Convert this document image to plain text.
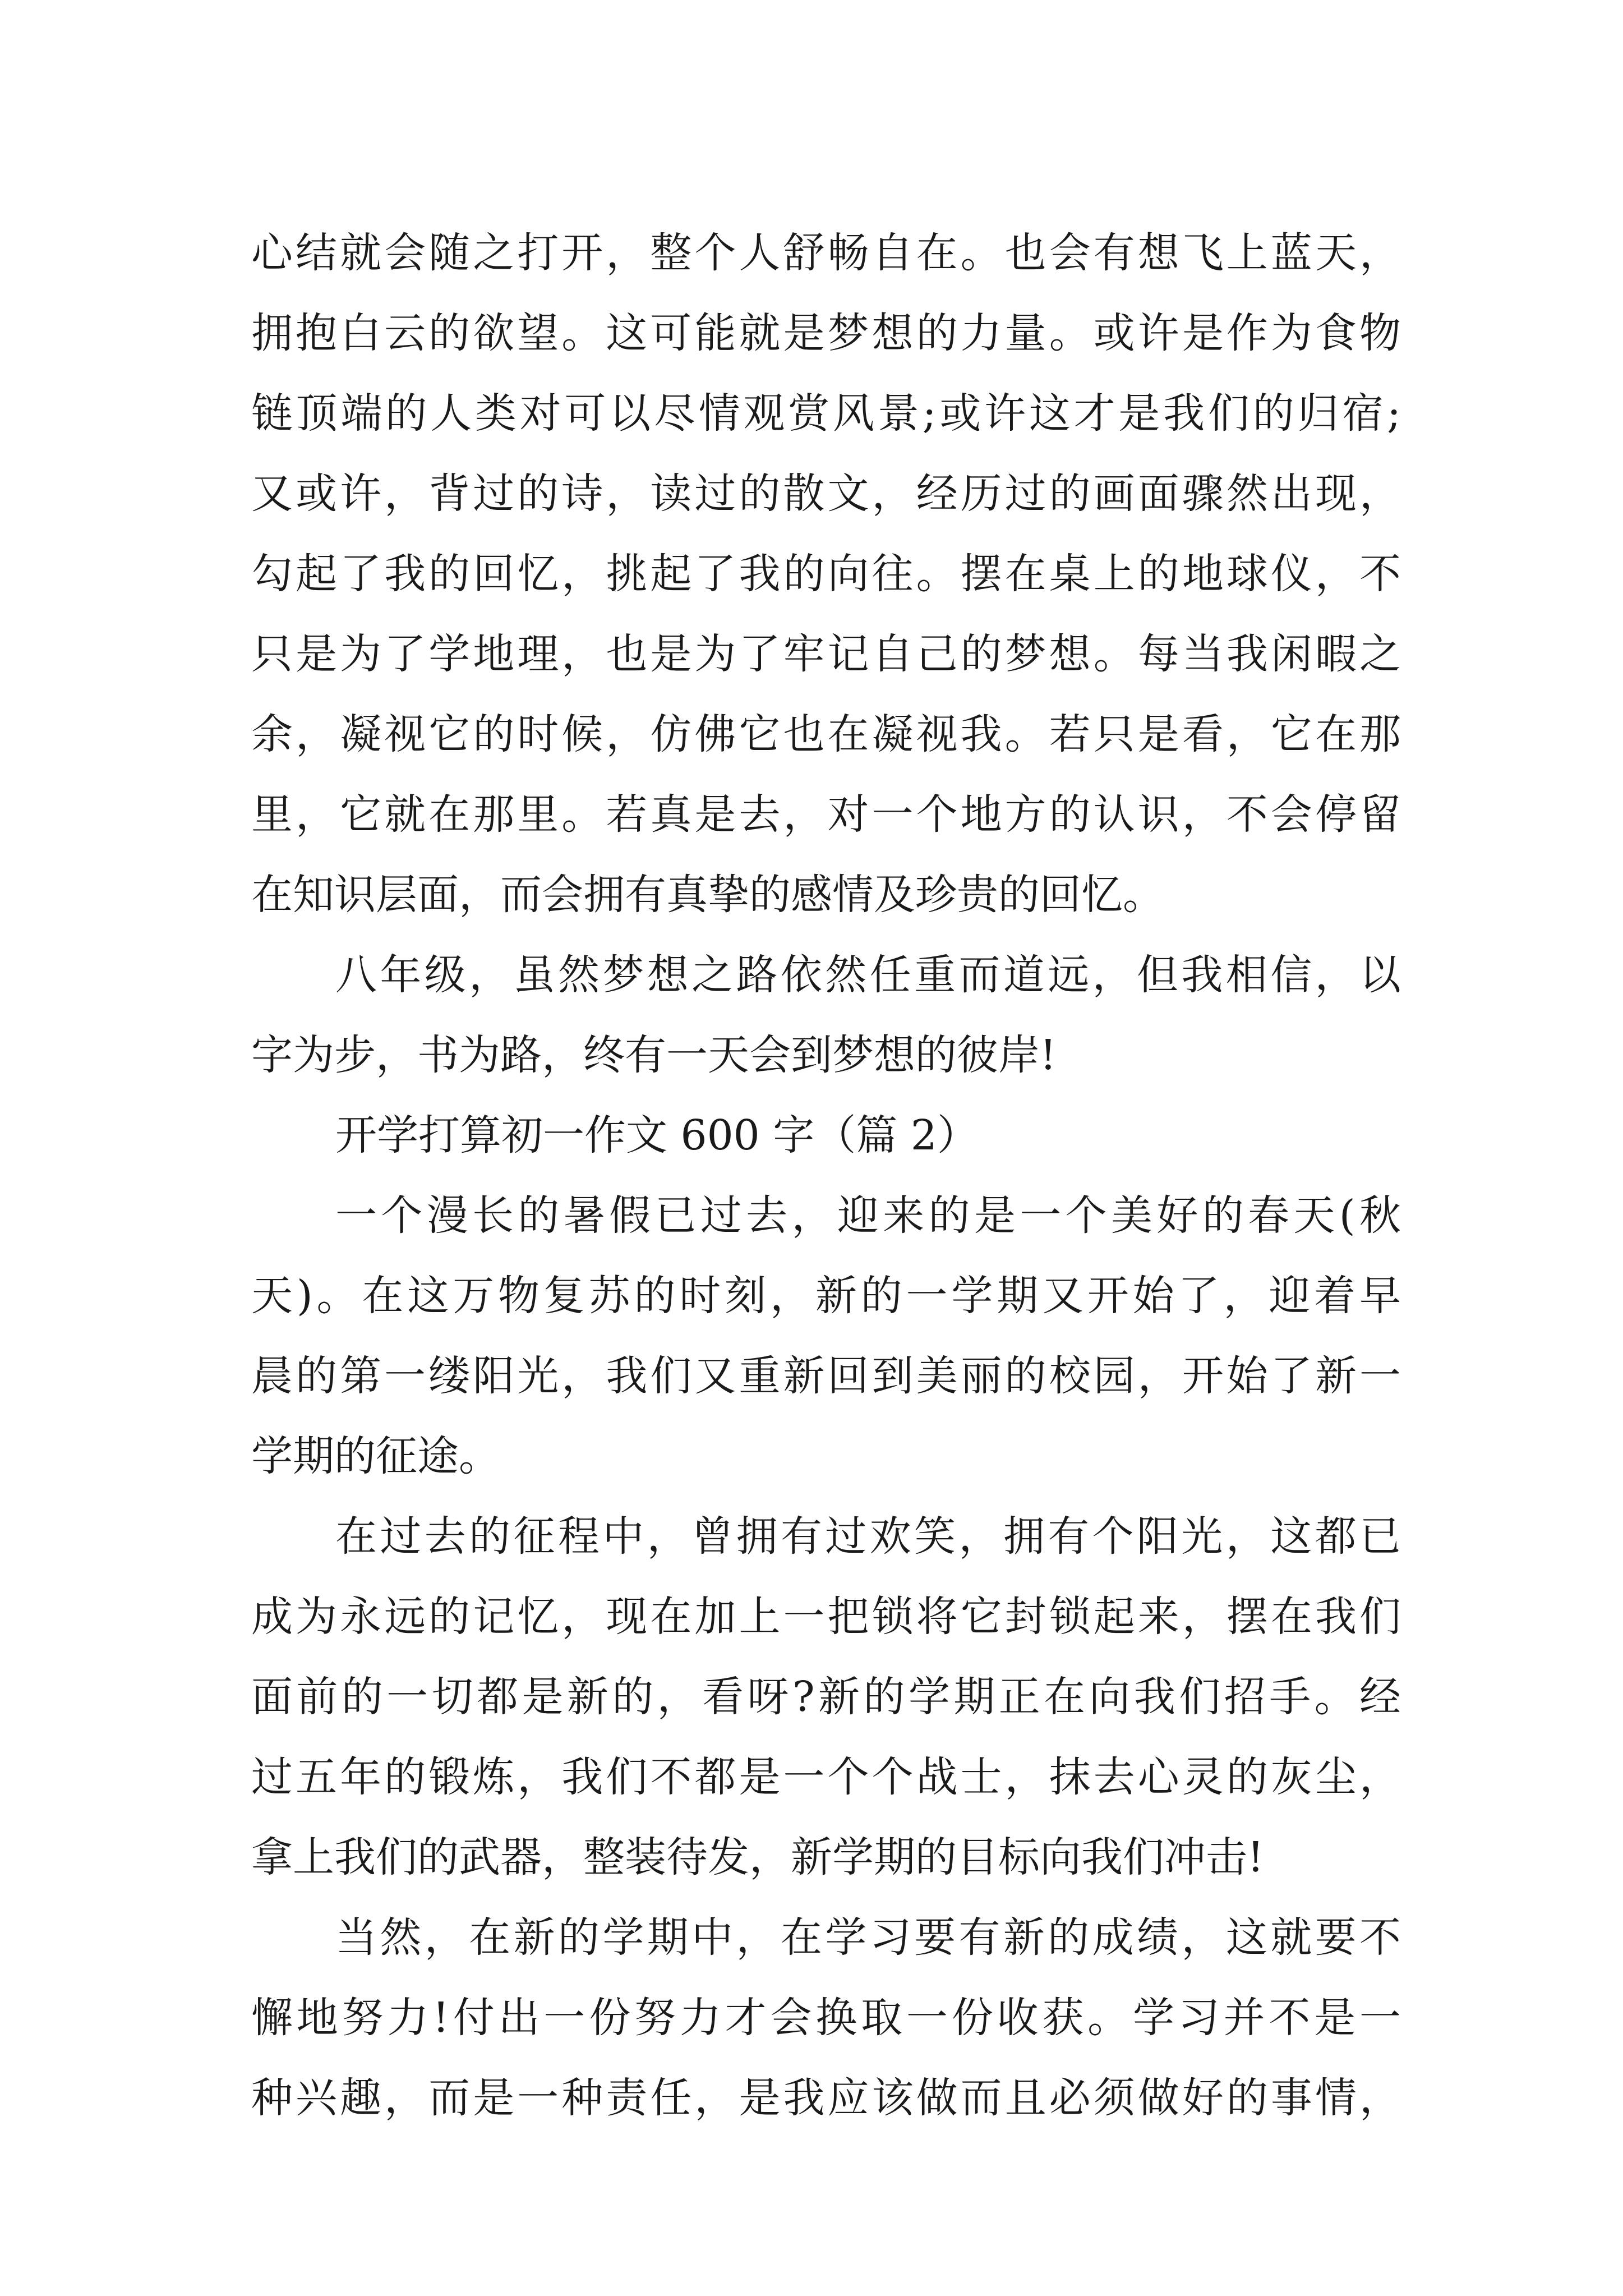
心结就会随之打开，整个人舒畅自在。也会有想飞上蓝天，
拥抱白云的欲望。这可能就是梦想的力量。或许是作为食物
链顶端的人类对可以尽情观赏风景;或许这才是我们的归宿;
又或许，背过的诗，读过的散文，经历过的画面骤然出现，
勾起了我的回忆，挑起了我的向往。摆在桌上的地球仪，不
只是为了学地理，也是为了牢记自己的梦想。每当我闲暇之
余，凝视它的时候，仿佛它也在凝视我。若只是看，它在那
里，它就在那里。若真是去，对一个地方的认识，不会停留
在知识层面，而会拥有真挚的感情及珍贵的回忆。
八年级，虽然梦想之路依然任重而道远，但我相信，以
字为步，书为路，终有一天会到梦想的彼岸!
开学打算初一作文 600 字（篇 2）
一个漫长的暑假已过去，迎来的是一个美好的春天(秋
天)。在这万物复苏的时刻，新的一学期又开始了，迎着早
晨的第一缕阳光，我们又重新回到美丽的校园，开始了新一
学期的征途。
在过去的征程中，曾拥有过欢笑，拥有个阳光，这都已
成为永远的记忆，现在加上一把锁将它封锁起来，摆在我们
面前的一切都是新的，看呀?新的学期正在向我们招手。经
过五年的锻炼，我们不都是一个个战士，抹去心灵的灰尘，
拿上我们的武器，整装待发，新学期的目标向我们冲击!
当然，在新的学期中，在学习要有新的成绩，这就要不
懈地努力!付出一份努力才会换取一份收获。学习并不是一
种兴趣，而是一种责任，是我应该做而且必须做好的事情，
